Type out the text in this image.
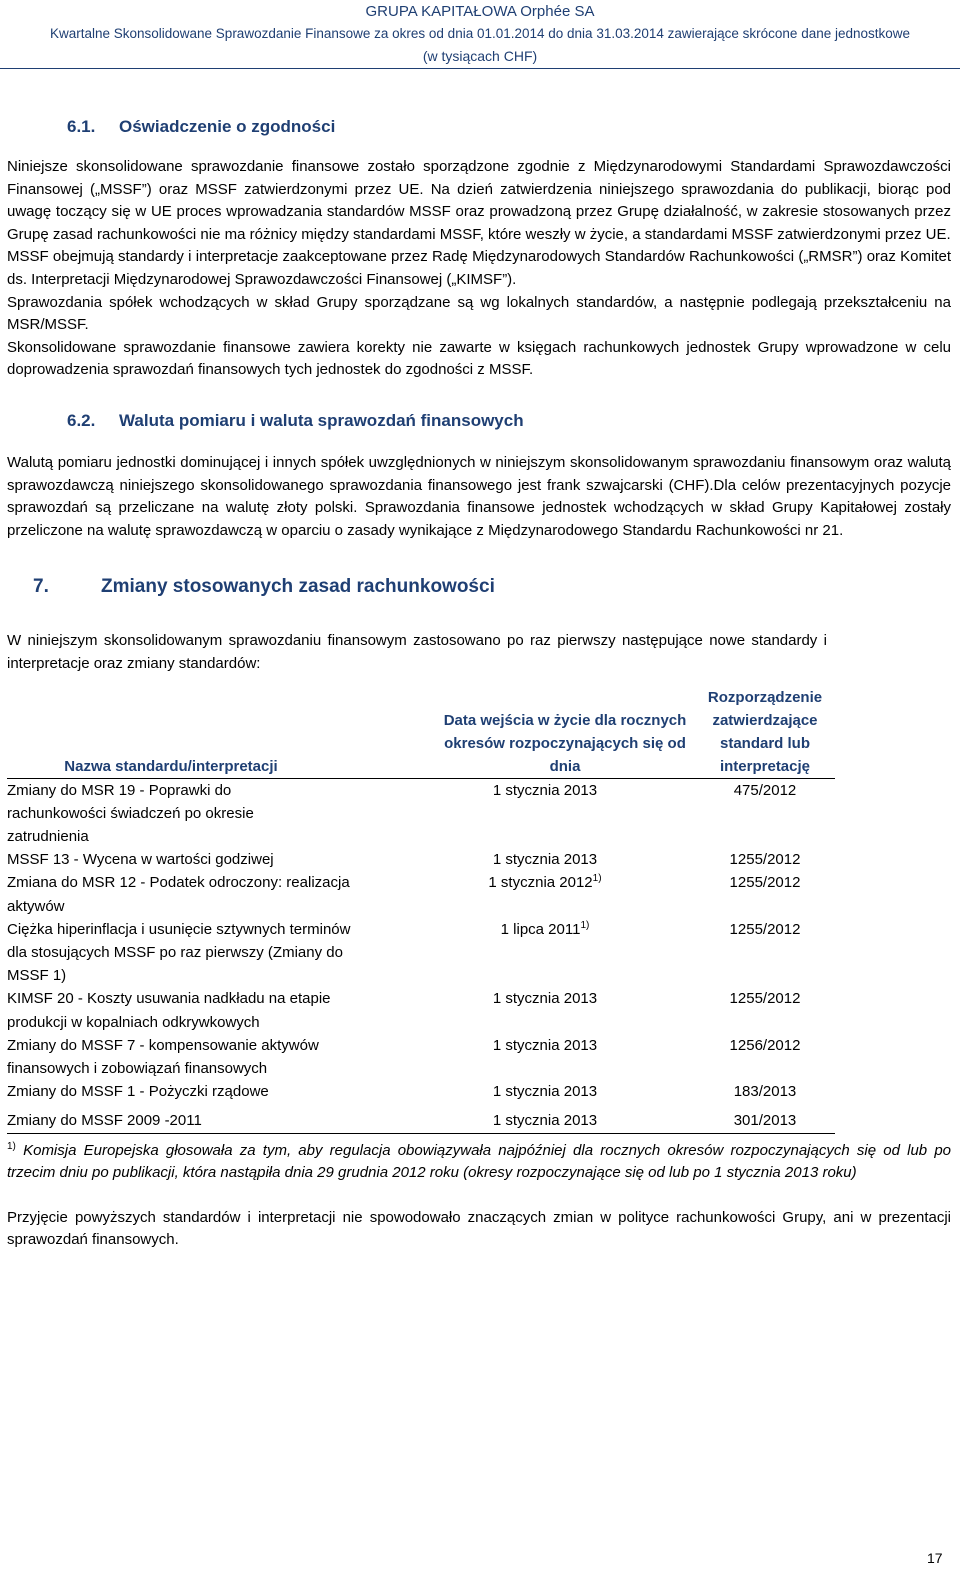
GRUPA KAPITAŁOWA Orphée SA
Kwartalne Skonsolidowane Sprawozdanie Finansowe za okres od dnia 01.01.2014 do dnia 31.03.2014 zawierające skrócone dane jednostkowe
(w tysiącach CHF)
6.1. Oświadczenie o zgodności

Niniejsze skonsolidowane sprawozdanie finansowe zostało sporządzone zgodnie z Międzynarodowymi Standardami Sprawozdawczości Finansowej („MSSF”) oraz MSSF zatwierdzonymi przez UE. Na dzień zatwierdzenia niniejszego sprawozdania do publikacji, biorąc pod uwagę toczący się w UE proces wprowadzania standardów MSSF oraz prowadzoną przez Grupę działalność, w zakresie stosowanych przez Grupę zasad rachunkowości nie ma różnicy między standardami MSSF, które weszły w życie, a standardami MSSF zatwierdzonymi przez UE.

MSSF obejmują standardy i interpretacje zaakceptowane przez Radę Międzynarodowych Standardów Rachunkowości („RMSR”) oraz Komitet ds. Interpretacji Międzynarodowej Sprawozdawczości Finansowej („KIMSF”).

Sprawozdania spółek wchodzących w skład Grupy sporządzane są wg lokalnych standardów, a następnie podlegają przekształceniu na MSR/MSSF.

Skonsolidowane sprawozdanie finansowe zawiera korekty nie zawarte w księgach rachunkowych jednostek Grupy wprowadzone w celu doprowadzenia sprawozdań finansowych tych jednostek do zgodności z MSSF.

6.2. Waluta pomiaru i waluta sprawozdań finansowych

Walutą pomiaru jednostki dominującej i innych spółek uwzględnionych w niniejszym skonsolidowanym sprawozdaniu finansowym oraz walutą sprawozdawczą niniejszego skonsolidowanego sprawozdania finansowego jest frank szwajcarski (CHF).Dla celów prezentacyjnych pozycje sprawozdań są przeliczane na walutę złoty polski. Sprawozdania finansowe jednostek wchodzących w skład Grupy Kapitałowej zostały przeliczone na walutę sprawozdawczą w oparciu o zasady wynikające z Międzynarodowego Standardu Rachunkowości nr 21.

7.	Zmiany stosowanych zasad rachunkowości

W niniejszym skonsolidowanym sprawozdaniu finansowym zastosowano po raz pierwszy następujące nowe standardy i interpretacje oraz zmiany standardów:

Nazwa standardu/interpretacji	Data wejścia w życie dla rocznych okresów rozpoczynających się od dnia	Rozporządzenie zatwierdzające standard lub interpretację
Zmiany do MSR 19 - Poprawki do rachunkowości świadczeń po okresie zatrudnienia	1 stycznia 2013	475/2012
MSSF 13 - Wycena w wartości godziwej	1 stycznia 2013	1255/2012
Zmiana do MSR 12 - Podatek odroczony: realizacja aktywów	1 stycznia 2012$^{1)}$	1255/2012
Ciężka hiperinflacja i usunięcie sztywnych terminów dla stosujących MSSF po raz pierwszy (Zmiany do MSSF 1)	1 lipca 2011$^{1)}$	1255/2012
KIMSF 20 - Koszty usuwania nadkładu na etapie produkcji w kopalniach odkrywkowych	1 stycznia 2013	1255/2012
Zmiany do MSSF 7 - kompensowanie aktywów finansowych i zobowiązań finansowych	1 stycznia 2013	1256/2012
Zmiany do MSSF 1 - Pożyczki rządowe	1 stycznia 2013	183/2013
Zmiany do MSSF 2009 -2011	1 stycznia 2013	301/2013

$^{1)}$ Komisja Europejska głosowała za tym, aby regulacja obowiązywała najpóźniej dla rocznych okresów rozpoczynających się od lub po trzecim dniu po publikacji, która nastąpiła dnia 29 grudnia 2012 roku (okresy rozpoczynające się od lub po 1 stycznia 2013 roku)

Przyjęcie powyższych standardów i interpretacji nie spowodowało znaczących zmian w polityce rachunkowości Grupy, ani w prezentacji sprawozdań finansowych.

17
